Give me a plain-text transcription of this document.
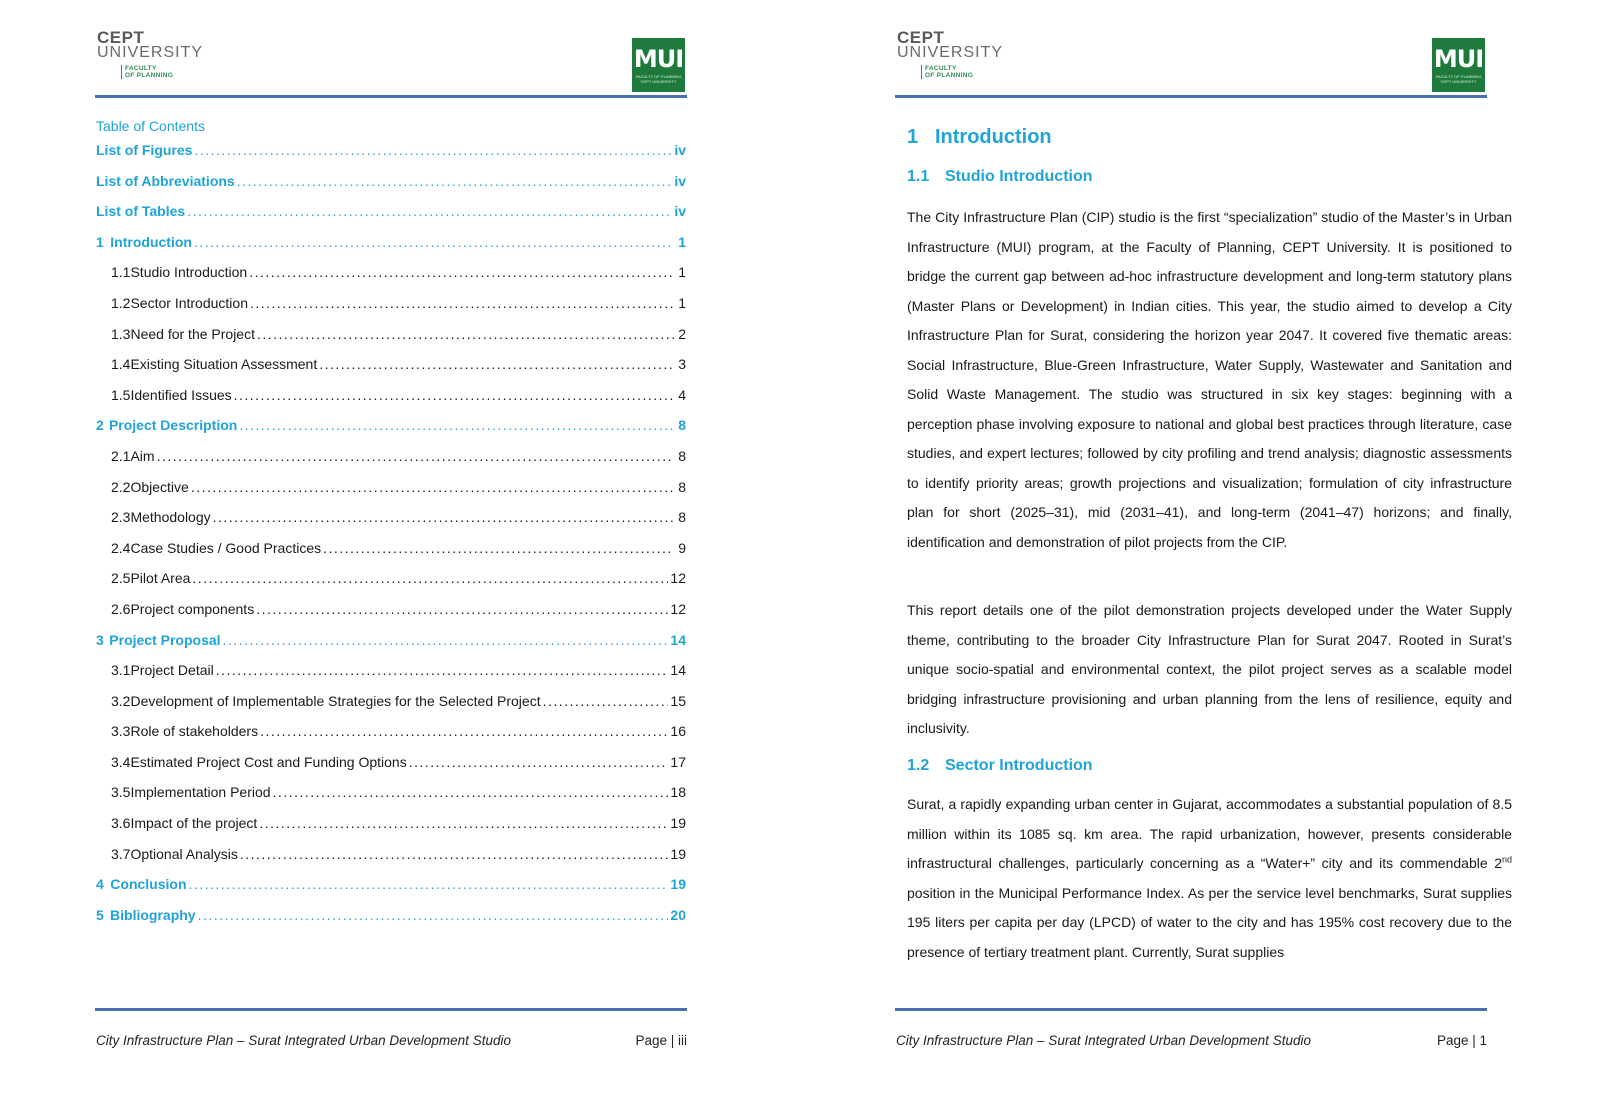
CEPT
UNIVERSITY
FACULTY
OF PLANNING
MUI
FACULTY OF PLANNING CEPT UNIVERSITY
Table of Contents
List of Figures . . .	iv
List of Abbreviations . . .	iv
List of Tables . . .	iv
1 Introduction . . .	1
1.1 Studio Introduction . . .	1
1.2 Sector Introduction . . .	1
1.3 Need for the Project . . .	2
1.4 Existing Situation Assessment . . .	3
1.5 Identified Issues . . .	4
2 Project Description . . .	8
2.1 Aim . . .	8
2.2 Objective . . .	8
2.3 Methodology . . .	8
2.4 Case Studies / Good Practices . . .	9
2.5 Pilot Area . . .	12
2.6 Project components . . .	12
3 Project Proposal . . .	14
3.1 Project Detail . . .	14
3.2 Development of Implementable Strategies for the Selected Project . . .	15
3.3 Role of stakeholders . . .	16
3.4 Estimated Project Cost and Funding Options . . .	17
3.5 Implementation Period . . .	18
3.6 Impact of the project . . .	19
3.7 Optional Analysis . . .	19
4 Conclusion . . .	19
5 Bibliography . . .	20
City Infrastructure Plan – Surat Integrated Urban Development Studio	Page | iii
CEPT
UNIVERSITY
FACULTY
OF PLANNING
MUI
FACULTY OF PLANNING CEPT UNIVERSITY
City Infrastructure Plan – Surat Integrated Urban Development Studio	Page | 1
1 Introduction
1.1 Studio Introduction

The City Infrastructure Plan (CIP) studio is the first “specialization” studio of the Master’s in Urban Infrastructure (MUI) program, at the Faculty of Planning, CEPT University. It is positioned to bridge the current gap between ad-hoc infrastructure development and long-term statutory plans (Master Plans or Development) in Indian cities. This year, the studio aimed to develop a City Infrastructure Plan for Surat, considering the horizon year 2047. It covered five thematic areas: Social Infrastructure, Blue-Green Infrastructure, Water Supply, Wastewater and Sanitation and Solid Waste Management. The studio was structured in six key stages: beginning with a perception phase involving exposure to national and global best practices through literature, case studies, and expert lectures; followed by city profiling and trend analysis; diagnostic assessments to identify priority areas; growth projections and visualization; formulation of city infrastructure plan for short (2025–31), mid (2031–41), and long-term (2041–47) horizons; and finally, identification and demonstration of pilot projects from the CIP.

This report details one of the pilot demonstration projects developed under the Water Supply theme, contributing to the broader City Infrastructure Plan for Surat 2047. Rooted in Surat’s unique socio-spatial and environmental context, the pilot project serves as a scalable model bridging infrastructure provisioning and urban planning from the lens of resilience, equity and inclusivity.

1.2 Sector Introduction

Surat, a rapidly expanding urban center in Gujarat, accommodates a substantial population of 8.5 million within its 1085 sq. km area. The rapid urbanization, however, presents considerable infrastructural challenges, particularly concerning as a “Water+” city and its commendable 2nd position in the Municipal Performance Index. As per the service level benchmarks, Surat supplies 195 liters per capita per day (LPCD) of water to the city and has 195% cost recovery due to the presence of tertiary treatment plant. Currently, Surat supplies
